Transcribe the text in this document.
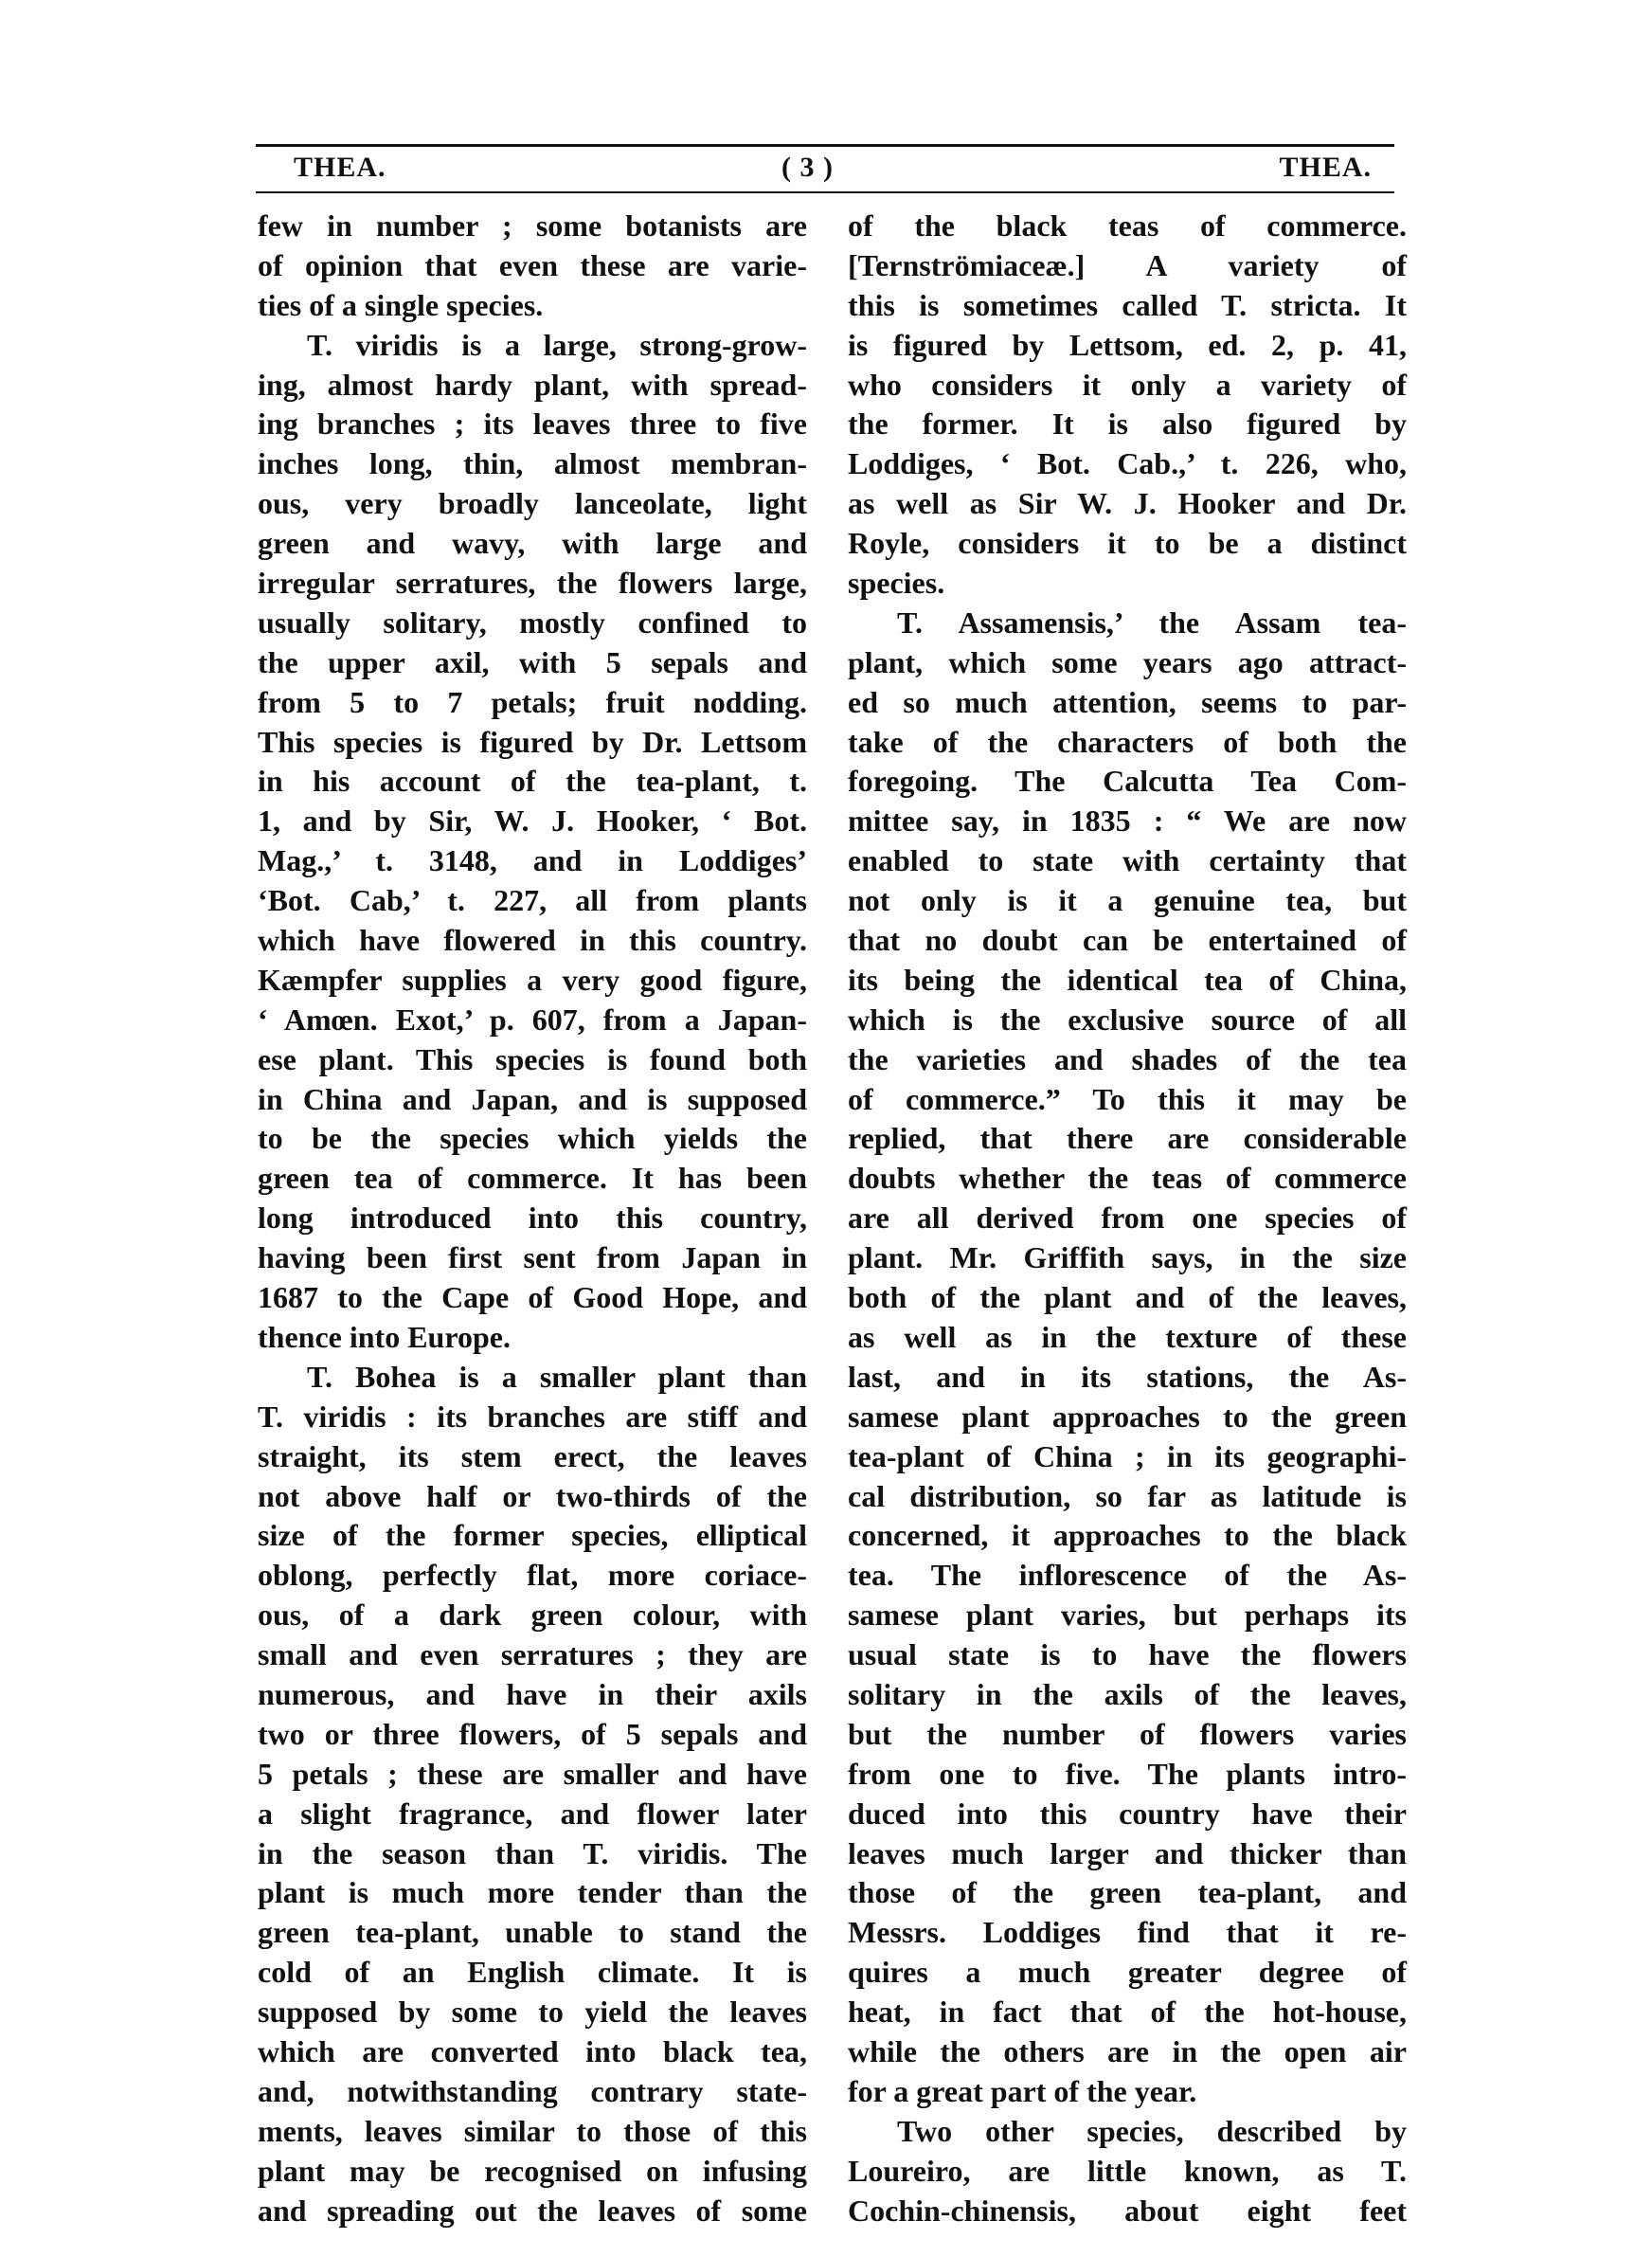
THEA.	( 3 )	THEA.
few in number ; some botanists are
of opinion that even these are varie-
ties of a single species.
T. viridis is a large, strong-grow-
ing, almost hardy plant, with spread-
ing branches ; its leaves three to five
inches long, thin, almost membran-
ous, very broadly lanceolate, light
green and wavy, with large and
irregular serratures, the flowers large,
usually solitary, mostly confined to
the upper axil, with 5 sepals and
from 5 to 7 petals; fruit nodding.
This species is figured by Dr. Lettsom
in his account of the tea-plant, t.
1, and by Sir, W. J. Hooker, ‘ Bot.
Mag.,’ t. 3148, and in Loddiges’
‘Bot. Cab,’ t. 227, all from plants
which have flowered in this country.
Kæmpfer supplies a very good figure,
‘ Amœn. Exot,’ p. 607, from a Japan-
ese plant. This species is found both
in China and Japan, and is supposed
to be the species which yields the
green tea of commerce. It has been
long introduced into this country,
having been first sent from Japan in
1687 to the Cape of Good Hope, and
thence into Europe.
T. Bohea is a smaller plant than
T. viridis : its branches are stiff and
straight, its stem erect, the leaves
not above half or two-thirds of the
size of the former species, elliptical
oblong, perfectly flat, more coriace-
ous, of a dark green colour, with
small and even serratures ; they are
numerous, and have in their axils
two or three flowers, of 5 sepals and
5 petals ; these are smaller and have
a slight fragrance, and flower later
in the season than T. viridis. The
plant is much more tender than the
green tea-plant, unable to stand the
cold of an English climate. It is
supposed by some to yield the leaves
which are converted into black tea,
and, notwithstanding contrary state-
ments, leaves similar to those of this
plant may be recognised on infusing
and spreading out the leaves of some
of the black teas of commerce.
[Ternströmiaceæ.] A variety of
this is sometimes called T. stricta. It
is figured by Lettsom, ed. 2, p. 41,
who considers it only a variety of
the former. It is also figured by
Loddiges, ‘ Bot. Cab.,’ t. 226, who,
as well as Sir W. J. Hooker and Dr.
Royle, considers it to be a distinct
species.
T. Assamensis,’ the Assam tea-
plant, which some years ago attract-
ed so much attention, seems to par-
take of the characters of both the
foregoing. The Calcutta Tea Com-
mittee say, in 1835 : “ We are now
enabled to state with certainty that
not only is it a genuine tea, but
that no doubt can be entertained of
its being the identical tea of China,
which is the exclusive source of all
the varieties and shades of the tea
of commerce.” To this it may be
replied, that there are considerable
doubts whether the teas of commerce
are all derived from one species of
plant. Mr. Griffith says, in the size
both of the plant and of the leaves,
as well as in the texture of these
last, and in its stations, the As-
samese plant approaches to the green
tea-plant of China ; in its geographi-
cal distribution, so far as latitude is
concerned, it approaches to the black
tea. The inflorescence of the As-
samese plant varies, but perhaps its
usual state is to have the flowers
solitary in the axils of the leaves,
but the number of flowers varies
from one to five. The plants intro-
duced into this country have their
leaves much larger and thicker than
those of the green tea-plant, and
Messrs. Loddiges find that it re-
quires a much greater degree of
heat, in fact that of the hot-house,
while the others are in the open air
for a great part of the year.
Two other species, described by
Loureiro, are little known, as T.
Cochin-chinensis, about eight feet
